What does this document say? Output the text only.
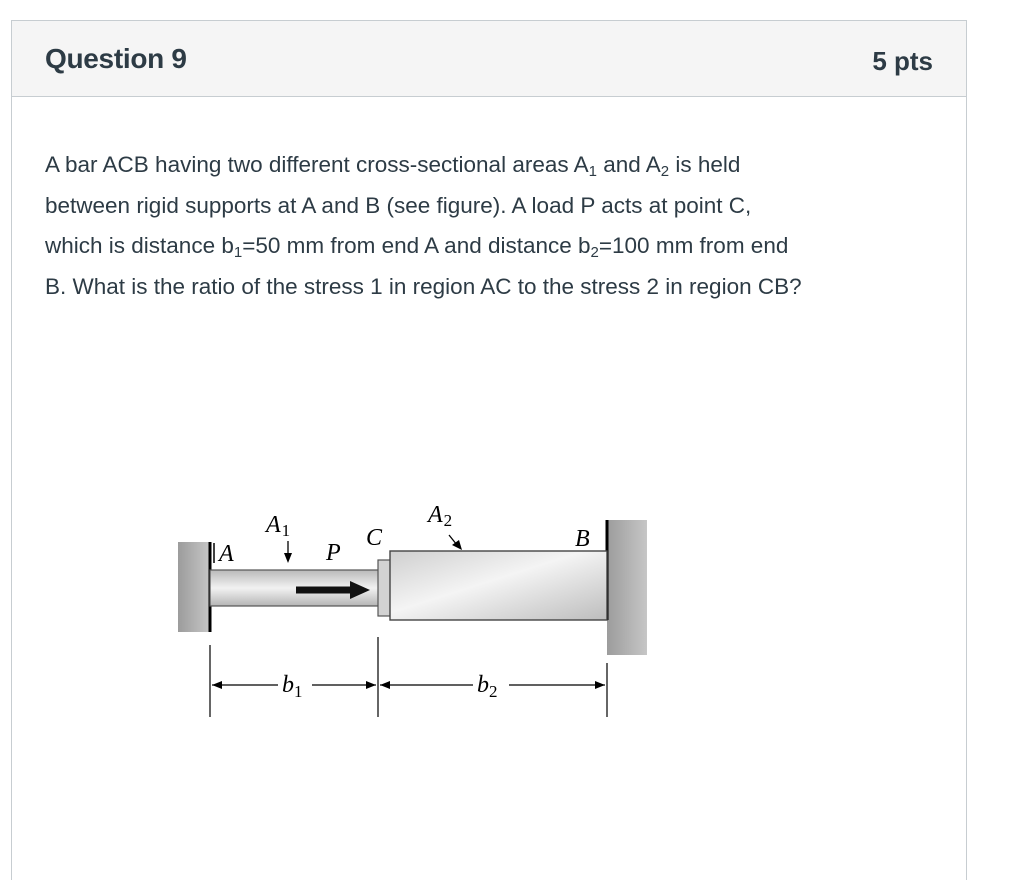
Question 9	5 pts
A bar ACB having two different cross-sectional areas $A_1$ and $A_2$ is held
between rigid supports at A and B (see figure). A load P acts at point C,
which is distance $b_1=50$ mm from end A and distance $b_2=100$ mm from end
B. What is the ratio of the stress 1 in region AC to the stress 2 in region CB?
A
A1
P
C
A2
B
$b_1$	$b_2$
